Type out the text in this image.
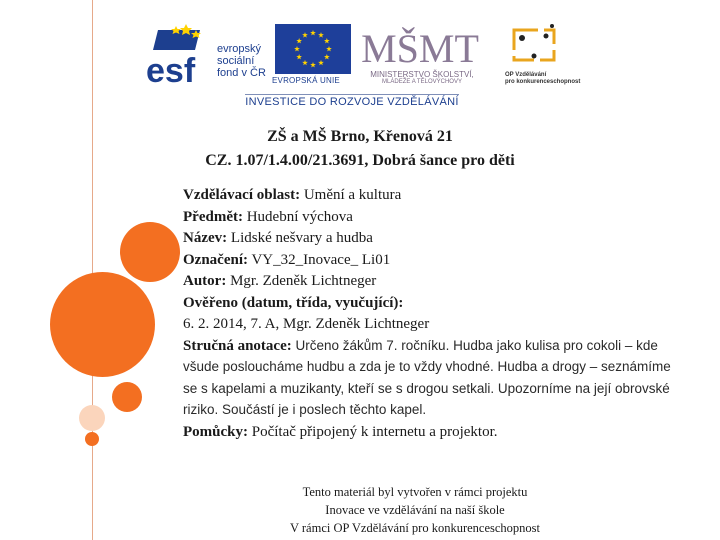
esf
evropský
sociální
fond v ČR
EVROPSKÁ UNIE
MŠMT
MINISTERSTVO ŠKOLSTVÍ,
MLÁDEŽE A TĚLOVÝCHOVY
OP Vzdělávání
pro konkurenceschopnost
INVESTICE DO ROZVOJE VZDĚLÁVÁNÍ
ZŠ a MŠ Brno, Křenová 21
CZ. 1.07/1.4.00/21.3691, Dobrá šance pro děti
Vzdělávací oblast: Umění a kultura
Předmět: Hudební výchova
Název: Lidské nešvary a hudba
Označení: VY_32_Inovace_ Li01
Autor: Mgr. Zdeněk Lichtneger
Ověřeno (datum, třída, vyučující):
6. 2. 2014, 7. A, Mgr. Zdeněk Lichtneger
Stručná anotace: Určeno žákům 7. ročníku. Hudba jako kulisa pro cokoli – kde všude posloucháme hudbu a zda je to vždy vhodné. Hudba a drogy – seznámíme se s kapelami a muzikanty, kteří se s drogou setkali. Upozorníme na její obrovské riziko. Součástí je i poslech těchto kapel.
Pomůcky: Počítač připojený k internetu a projektor.
Tento materiál byl vytvořen v rámci projektu
Inovace ve vzdělávání na naší škole
V rámci OP Vzdělávání pro konkurenceschopnost
